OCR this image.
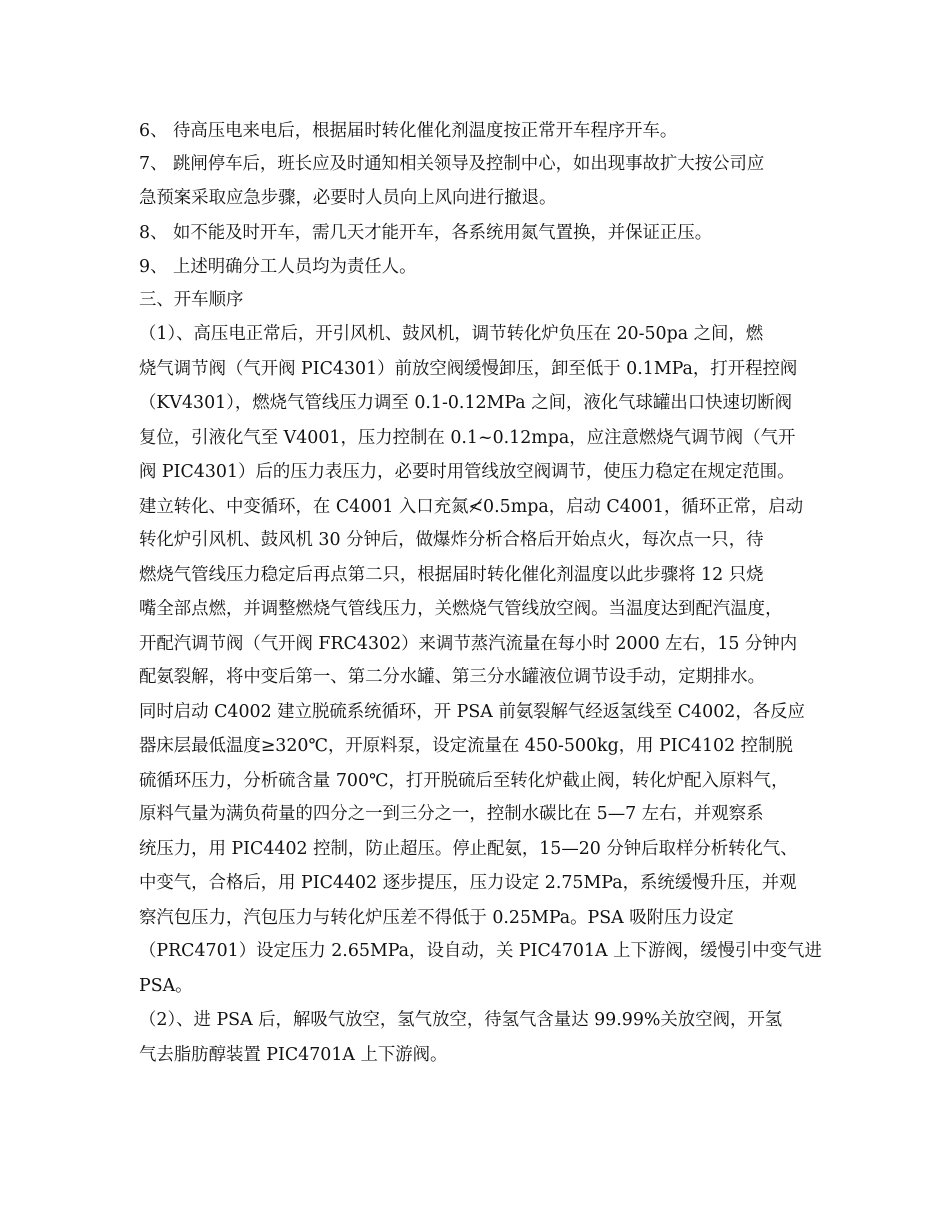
6、 待高压电来电后，根据届时转化催化剂温度按正常开车程序开车。
7、 跳闸停车后，班长应及时通知相关领导及控制中心，如出现事故扩大按公司应
急预案采取应急步骤，必要时人员向上风向进行撤退。
8、 如不能及时开车，需几天才能开车，各系统用氮气置换，并保证正压。
9、 上述明确分工人员均为责任人。
三、开车顺序
（1）、高压电正常后，开引风机、鼓风机，调节转化炉负压在 20-50pa 之间，燃
烧气调节阀（气开阀 PIC4301）前放空阀缓慢卸压，卸至低于 0.1MPa，打开程控阀
（KV4301），燃烧气管线压力调至 0.1-0.12MPa 之间，液化气球罐出口快速切断阀
复位，引液化气至 V4001，压力控制在 0.1~0.12mpa，应注意燃烧气调节阀（气开
阀 PIC4301）后的压力表压力，必要时用管线放空阀调节，使压力稳定在规定范围。
建立转化、中变循环，在 C4001 入口充氮≮0.5mpa，启动 C4001，循环正常，启动
转化炉引风机、鼓风机 30 分钟后，做爆炸分析合格后开始点火，每次点一只，待
燃烧气管线压力稳定后再点第二只，根据届时转化催化剂温度以此步骤将 12 只烧
嘴全部点燃，并调整燃烧气管线压力，关燃烧气管线放空阀。当温度达到配汽温度，
开配汽调节阀（气开阀 FRC4302）来调节蒸汽流量在每小时 2000 左右，15 分钟内
配氨裂解，将中变后第一、第二分水罐、第三分水罐液位调节设手动，定期排水。
同时启动 C4002 建立脱硫系统循环，开 PSA 前氨裂解气经返氢线至 C4002，各反应
器床层最低温度≥320℃，开原料泵，设定流量在 450-500kg，用 PIC4102 控制脱
硫循环压力，分析硫含量 700℃，打开脱硫后至转化炉截止阀，转化炉配入原料气，
原料气量为满负荷量的四分之一到三分之一，控制水碳比在 5—7 左右，并观察系
统压力，用 PIC4402 控制，防止超压。停止配氨，15—20 分钟后取样分析转化气、
中变气，合格后，用 PIC4402 逐步提压，压力设定 2.75MPa，系统缓慢升压，并观
察汽包压力，汽包压力与转化炉压差不得低于 0.25MPa。PSA 吸附压力设定
（PRC4701）设定压力 2.65MPa，设自动，关 PIC4701A 上下游阀，缓慢引中变气进
PSA。
（2）、进 PSA 后，解吸气放空，氢气放空，待氢气含量达 99.99%关放空阀，开氢
气去脂肪醇装置 PIC4701A 上下游阀。
